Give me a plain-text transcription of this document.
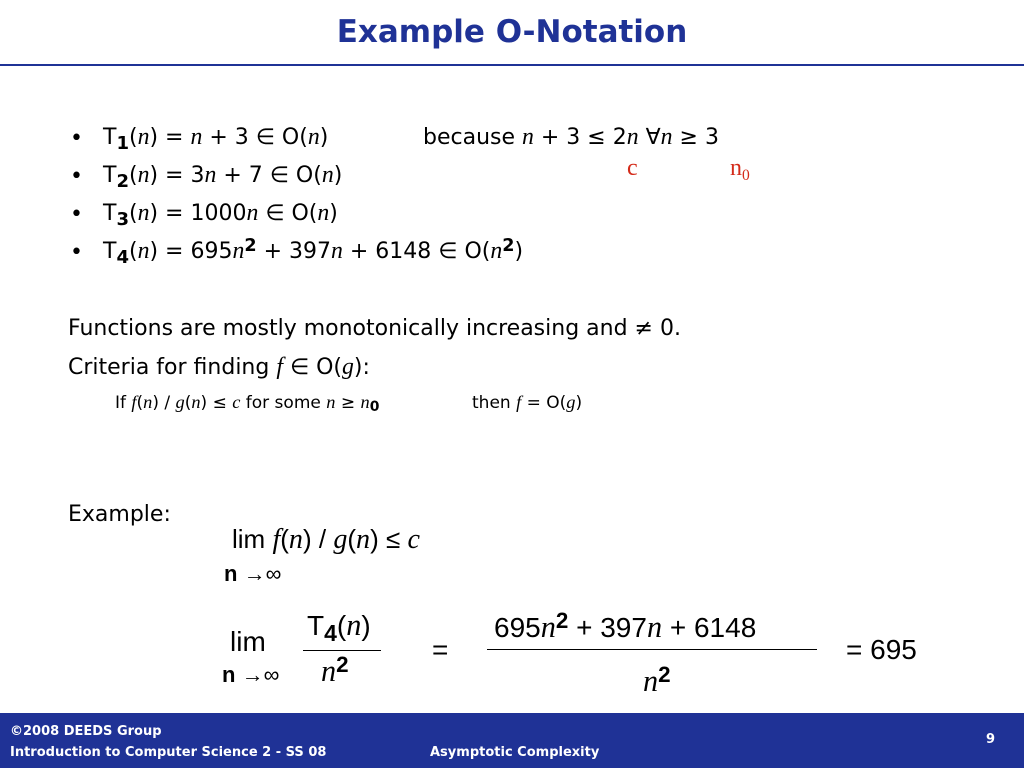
Example O-Notation
• $T_1(n) = n + 3$ ∈ O(n)
• $T_2(n) = 3n + 7$ ∈ O(n)
• $T_3(n) = 1000n$ ∈ O(n)
• $T_4(n) = 695n^2 + 397n + 6148$ ∈ $O(n^2)$
because n + 3 ≤ 2n ∀n ≥ 3
c	n0
Functions are mostly monotonically increasing and ≠ 0.
Criteria for finding f ∈ O(g):
If f(n) / g(n) ≤ c for some $n \ge n_0$	then f = O(g)
Example:
lim f(n) / g(n) ≤ c
n →∞
lim
n →∞
$T_4(n)$
$n^2$	=
$695n^2 + 397n + 6148$
$n^2$
= 695
©2008 DEEDS Group
Introduction to Computer Science 2 - SS 08	Asymptotic Complexity
9
